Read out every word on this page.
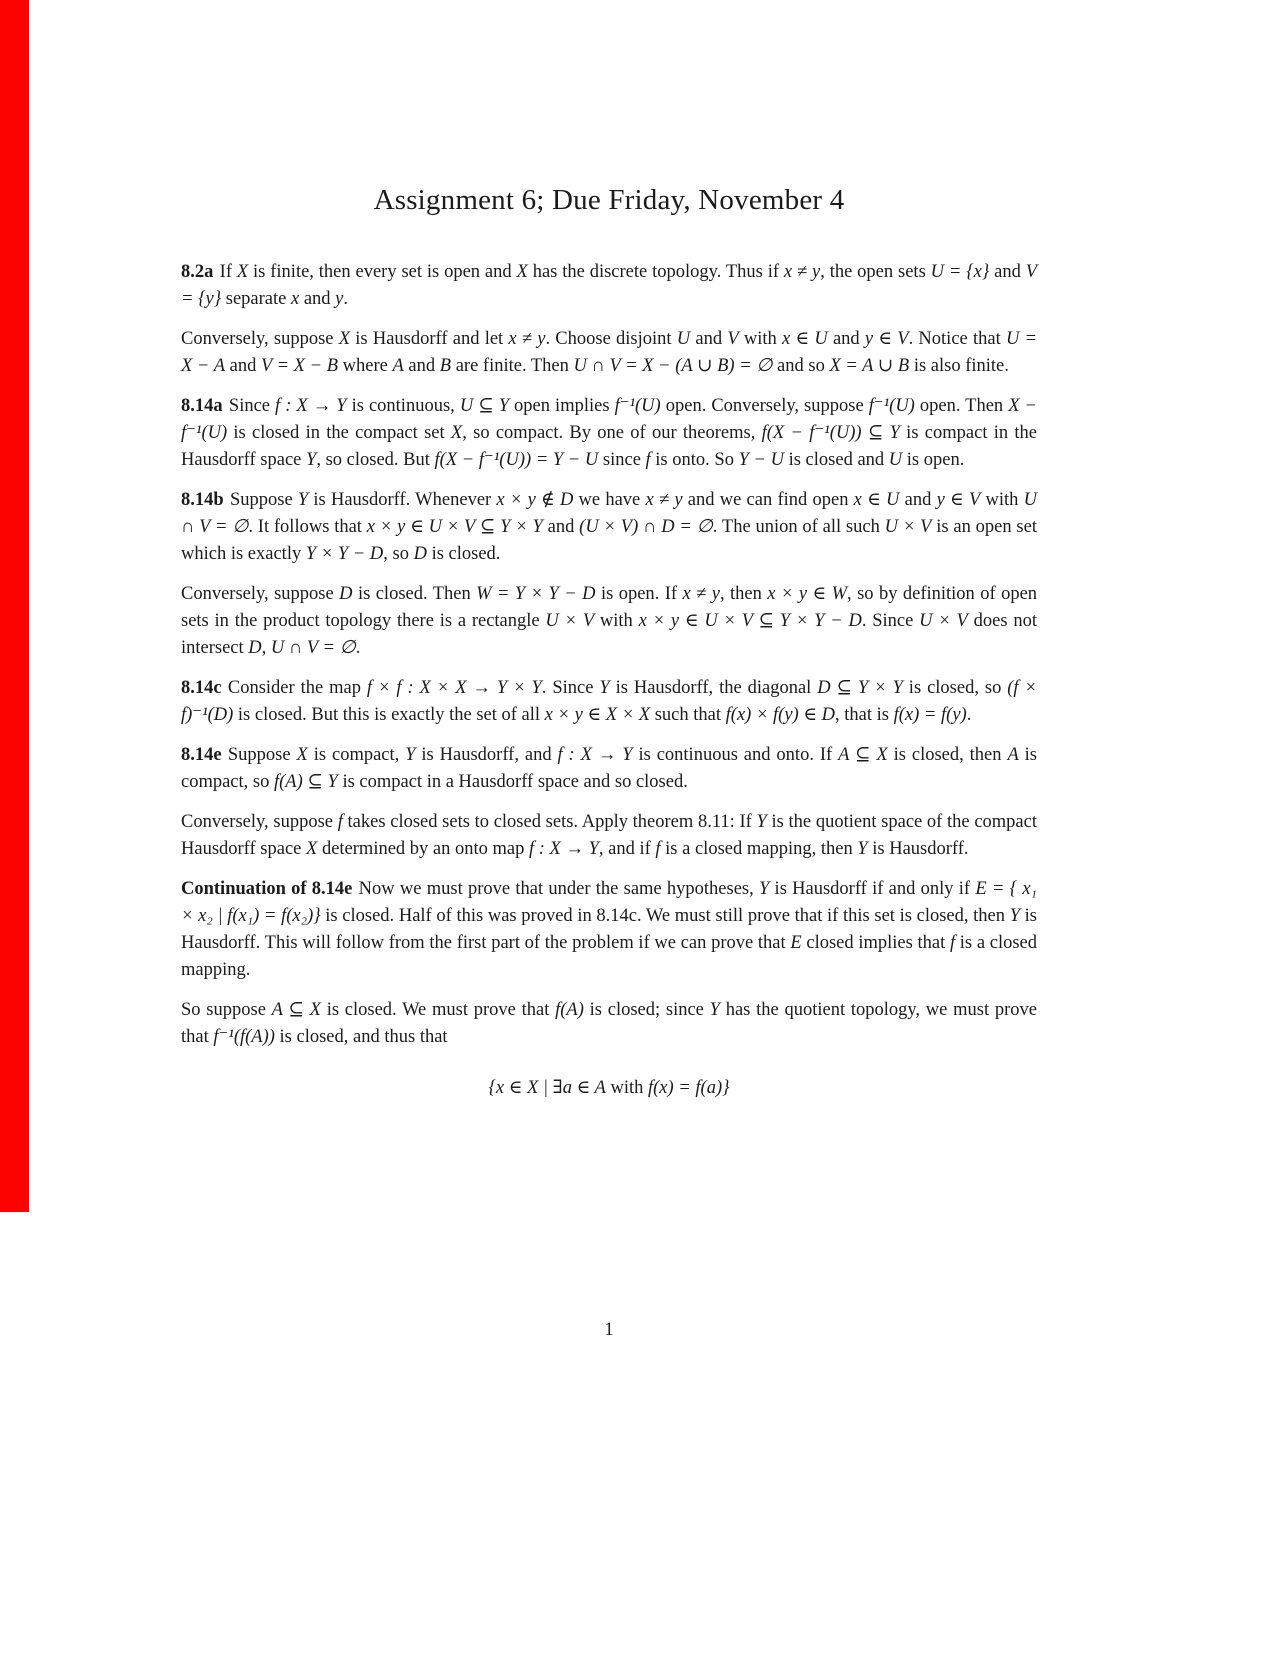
Assignment 6; Due Friday, November 4

8.2a If X is finite, then every set is open and X has the discrete topology. Thus if x ≠ y, the open sets U = {x} and V = {y} separate x and y.

Conversely, suppose X is Hausdorff and let x ≠ y. Choose disjoint U and V with x ∈ U and y ∈ V. Notice that U = X − A and V = X − B where A and B are finite. Then U ∩ V = X − (A ∪ B) = ∅ and so X = A ∪ B is also finite.

8.14a Since f : X → Y is continuous, U ⊆ Y open implies f⁻¹(U) open. Conversely, suppose f⁻¹(U) open. Then X − f⁻¹(U) is closed in the compact set X, so compact. By one of our theorems, f(X − f⁻¹(U)) ⊆ Y is compact in the Hausdorff space Y, so closed. But f(X − f⁻¹(U)) = Y − U since f is onto. So Y − U is closed and U is open.

8.14b Suppose Y is Hausdorff. Whenever x × y ∉ D we have x ≠ y and we can find open x ∈ U and y ∈ V with U ∩ V = ∅. It follows that x × y ∈ U × V ⊆ Y × Y and (U × V) ∩ D = ∅. The union of all such U × V is an open set which is exactly Y × Y − D, so D is closed.

Conversely, suppose D is closed. Then W = Y × Y − D is open. If x ≠ y, then x × y ∈ W, so by definition of open sets in the product topology there is a rectangle U × V with x × y ∈ U × V ⊆ Y × Y − D. Since U × V does not intersect D, U ∩ V = ∅.

8.14c Consider the map f × f : X × X → Y × Y. Since Y is Hausdorff, the diagonal D ⊆ Y × Y is closed, so (f × f)⁻¹(D) is closed. But this is exactly the set of all x × y ∈ X × X such that f(x) × f(y) ∈ D, that is f(x) = f(y).

8.14e Suppose X is compact, Y is Hausdorff, and f : X → Y is continuous and onto. If A ⊆ X is closed, then A is compact, so f(A) ⊆ Y is compact in a Hausdorff space and so closed.

Conversely, suppose f takes closed sets to closed sets. Apply theorem 8.11: If Y is the quotient space of the compact Hausdorff space X determined by an onto map f : X → Y, and if f is a closed mapping, then Y is Hausdorff.

Continuation of 8.14e Now we must prove that under the same hypotheses, Y is Hausdorff if and only if E = { x₁ × x₂ | f(x₁) = f(x₂)} is closed. Half of this was proved in 8.14c. We must still prove that if this set is closed, then Y is Hausdorff. This will follow from the first part of the problem if we can prove that E closed implies that f is a closed mapping.

So suppose A ⊆ X is closed. We must prove that f(A) is closed; since Y has the quotient topology, we must prove that f⁻¹(f(A)) is closed, and thus that

{x ∈ X | ∃a ∈ A with f(x) = f(a)}
1
